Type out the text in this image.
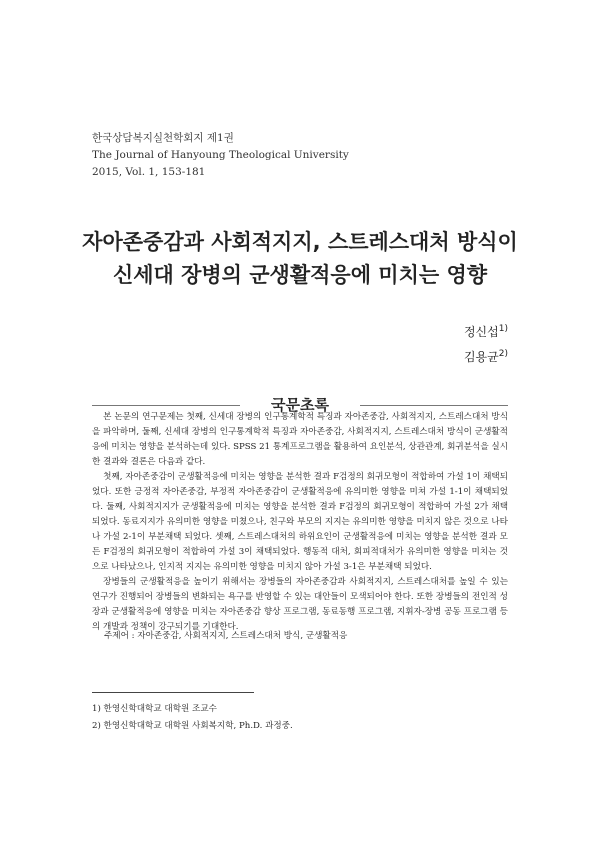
한국상담복지실천학회지 제1권
The Journal of Hanyoung Theological University
2015, Vol. 1, 153-181
자아존중감과 사회적지지, 스트레스대처 방식이
신세대 장병의 군생활적응에 미치는 영향
정신섭$^{1)}$
김용균$^{2)}$
국문초록

본 논문의 연구문제는 첫째, 신세대 장병의 인구통계학적 특징과 자아존중감, 사회적지지, 스트레스대처 방식을 파악하며, 둘째, 신세대 장병의 인구통계학적 특징과 자아존중감, 사회적지지, 스트레스대처 방식이 군생활적응에 미치는 영향을 분석하는데 있다. SPSS 21 통계프로그램을 활용하여 요인분석, 상관관계, 회귀분석을 실시한 결과와 결론은 다음과 같다.

첫째, 자아존중감이 군생활적응에 미치는 영향을 분석한 결과 F검정의 회귀모형이 적합하여 가설 1이 채택되었다. 또한 긍정적 자아존중감, 부정적 자아존중감이 군생활적응에 유의미한 영향을 미쳐 가설 1-1이 채택되었다. 둘째, 사회적지지가 군생활적응에 미치는 영향을 분석한 결과 F검정의 회귀모형이 적합하여 가설 2가 채택되었다. 동료지지가 유의미한 영향을 미쳤으나, 친구와 부모의 지지는 유의미한 영향을 미치지 않은 것으로 나타나 가설 2-1이 부분채택 되었다. 셋째, 스트레스대처의 하위요인이 군생활적응에 미치는 영향을 분석한 결과 모든 F검정의 회귀모형이 적합하여 가설 3이 채택되었다. 행동적 대처, 회피적대처가 유의미한 영향을 미치는 것으로 나타났으나, 인지적 지지는 유의미한 영향을 미치지 않아 가설 3-1은 부분채택 되었다.

장병들의 군생활적응을 높이기 위해서는 장병들의 자아존중감과 사회적지지, 스트레스대처를 높일 수 있는 연구가 진행되어 장병들의 변화되는 욕구를 반영할 수 있는 대안들이 모색되어야 한다. 또한 장병들의 전인적 성장과 군생활적응에 영향을 미치는 자아존중감 향상 프로그램, 동료동행 프로그램, 지휘자-장병 공동 프로그램 등의 개발과 정책이 강구되기를 기대한다.

주제어 : 자아존중감, 사회적지지, 스트레스대처 방식, 군생활적응
1) 한영신학대학교 대학원 조교수
2) 한영신학대학교 대학원 사회복지학, Ph.D. 과정중.
